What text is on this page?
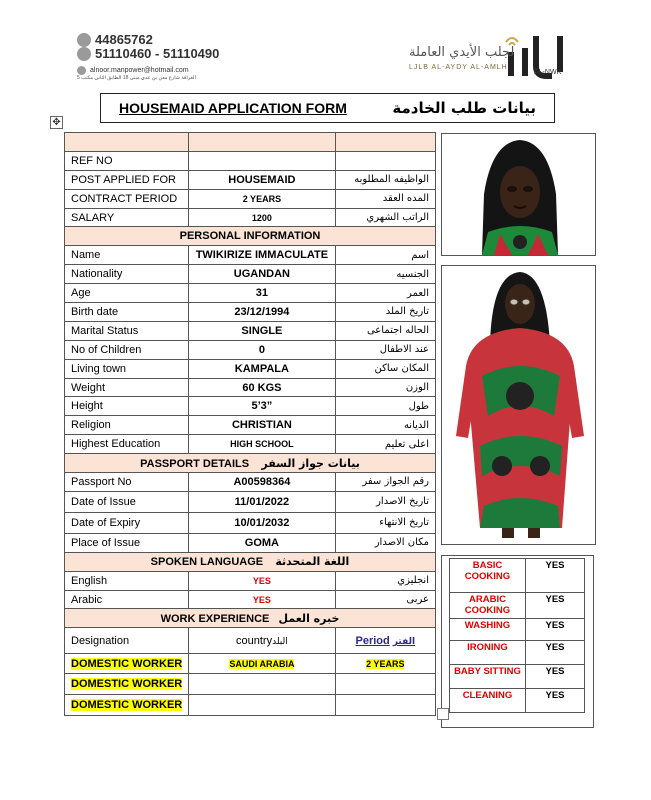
44865762
51110460 - 51110490
alnoor.manpower@hotmail.com
الغرافة شارع معن بن عدي مبنى 18 الطابق الثاني مكتب 5
لجلب الأيدي العاملة
LJLB AL-AYDY AL-AMLH
AL-NWR
HOUSEMAID APPLICATION FORM	بيانات طلب الخادمة
✥

REF NO		
POST APPLIED FOR	HOUSEMAID	الواظيفه المطلوبه
CONTRACT PERIOD	2 YEARS	المده العقد
SALARY	1200	الراتب الشهري
PERSONAL INFORMATION		
Name	TWIKIRIZE IMMACULATE	اسم
Nationality	UGANDAN	الجنسيه
Age	31	العمر
Birth date	23/12/1994	تاريخ الملد
Marital Status	SINGLE	الحاله اجتماعى
No of Children	0	عند الاطفال
Living town	KAMPALA	المكان ساكن
Weight	60 KGS	الوزن
Height	5’3”	طول
Religion	CHRISTIAN	الديانه
Highest Education	HIGH SCHOOL	اعلى تعليم
PASSPORT DETAILS بيانات جواز السفر		
Passport No	A00598364	رقم الجواز سفر
Date of Issue	11/01/2022	تاريخ الاصدار
Date of Expiry	10/01/2032	تاريخ الانتهاء
Place of Issue	GOMA	مكان الاصدار
SPOKEN LANGUAGE اللغة المتحدثة		
English	YES	انجليزي
Arabic	YES	عربى
WORK EXPERIENCE خبره العمل		
Designation	countryالبلد	Period الفتر
DOMESTIC WORKER	SAUDI ARABIA	2 YEARS
DOMESTIC WORKER		
DOMESTIC WORKER		
BASIC COOKING	YES
ARABIC COOKING	YES
WASHING	YES
IRONING	YES
BABY SITTING	YES
CLEANING	YES
